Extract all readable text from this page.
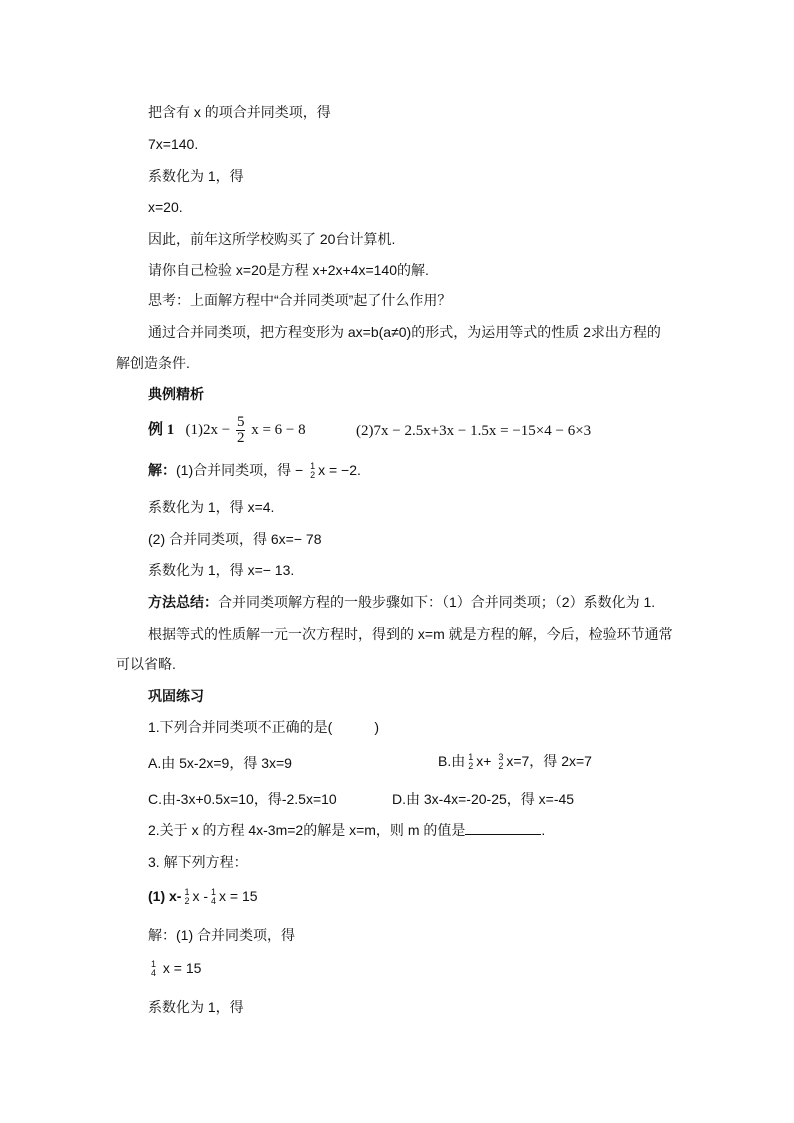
把含有 x 的项合并同类项，得
7x=140.
系数化为 1，得
x=20.
因此，前年这所学校购买了 20台计算机.
请你自己检验 x=20是方程 x+2x+4x=140的解.
思考：上面解方程中“合并同类项”起了什么作用？
通过合并同类项，把方程变形为 ax=b(a≠0)的形式，为运用等式的性质 2求出方程的
解创造条件.
典例精析
例 1 $(1)2x - \frac{5}{2}$ x = 6 − 8	(2)7x − 2.5x+3x − 1.5x = −15×4 − 6×3
解：(1)合并同类项，得 − 1
2 x = −2.
系数化为 1，得 x=4.
(2) 合并同类项，得 6x=− 78
系数化为 1，得 x=− 13.
方法总结：合并同类项解方程的一般步骤如下：（1）合并同类项；（2）系数化为 1.
根据等式的性质解一元一次方程时，得到的 x=m 就是方程的解，今后，检验环节通常
可以省略.
巩固练习
1.下列合并同类项不正确的是(　　　)
A.由 5x-2x=9，得 3x=9	B.由 1
2 x+ 3
2 x=7，得 2x=7
C.由-3x+0.5x=10，得-2.5x=10	D.由 3x-4x=-20-25，得 x=-45
2.关于 x 的方程 4x-3m=2的解是 x=m，则 m 的值是	.
3. 解下列方程：
(1) x- 1
2 x - 1
4 x = 15
解：(1) 合并同类项，得
1
4 x = 15
系数化为 1，得
